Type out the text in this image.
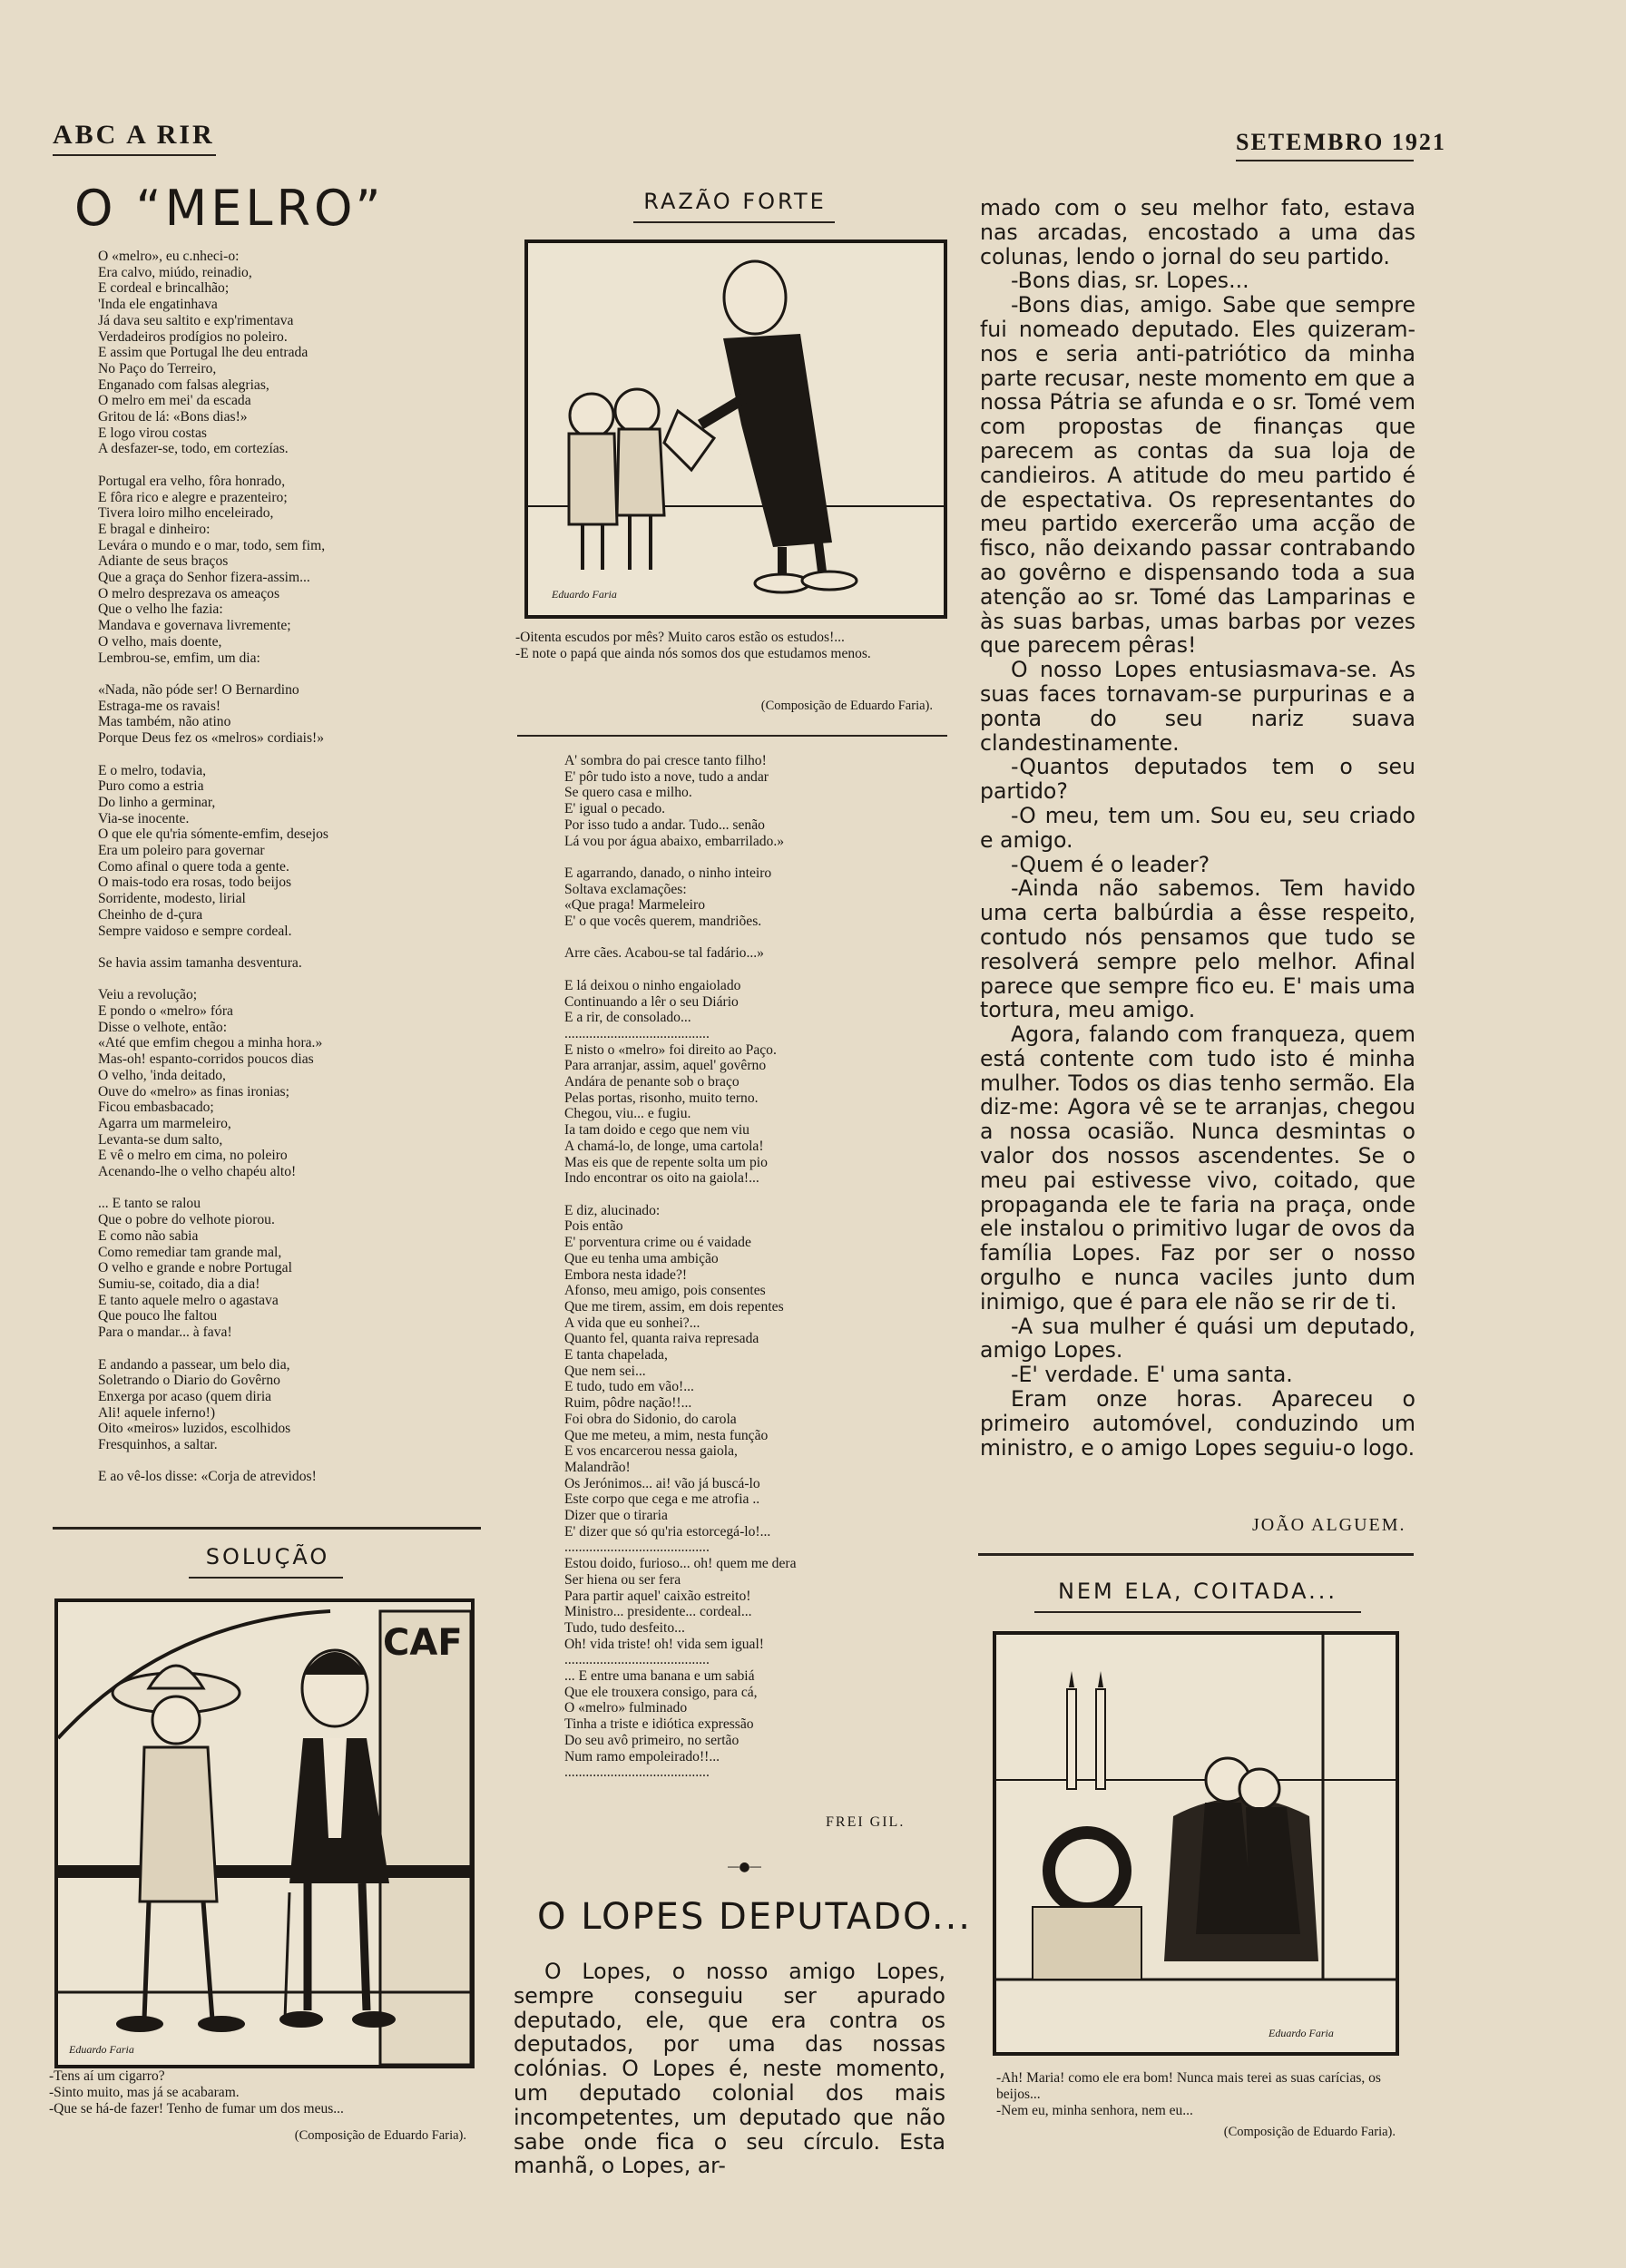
ABC A RIR	SETEMBRO 1921
O “MELRO”
O «melro», eu c.nheci-o:
Era calvo, miúdo, reinadio,
E cordeal e brincalhão;
'Inda ele engatinhava
Já dava seu saltito e exp'rimentava
Verdadeiros prodígios no poleiro.
E assim que Portugal lhe deu entrada
No Paço do Terreiro,
Enganado com falsas alegrias,
O melro em mei' da escada
Gritou de lá: «Bons dias!»
E logo virou costas
A desfazer-se, todo, em cortezías.

Portugal era velho, fôra honrado,
E fôra rico e alegre e prazenteiro;
Tivera loiro milho enceleirado,
E bragal e dinheiro:
Levára o mundo e o mar, todo, sem fim,
Adiante de seus braços
Que a graça do Senhor fizera-assim...
O melro desprezava os ameaços
Que o velho lhe fazia:
Mandava e governava livremente;
O velho, mais doente,
Lembrou-se, emfim, um dia:

«Nada, não póde ser! O Bernardino
Estraga-me os ravais!
Mas também, não atino
Porque Deus fez os «melros» cordiais!»

E o melro, todavia,
Puro como a estria
Do linho a germinar,
Via-se inocente.
O que ele qu'ria sómente-emfim, desejos
Era um poleiro para governar
Como afinal o quere toda a gente.
O mais-todo era rosas, todo beijos
Sorridente, modesto, lirial
Cheinho de d-çura
Sempre vaidoso e sempre cordeal.

Se havia assim tamanha desventura.

Veiu a revolução;
E pondo o «melro» fóra
Disse o velhote, então:
«Até que emfim chegou a minha hora.»
Mas-oh! espanto-corridos poucos dias
O velho, 'inda deitado,
Ouve do «melro» as finas ironias;
Ficou embasbacado;
Agarra um marmeleiro,
Levanta-se dum salto,
E vê o melro em cima, no poleiro
Acenando-lhe o velho chapéu alto!

... E tanto se ralou
Que o pobre do velhote piorou.
E como não sabia
Como remediar tam grande mal,
O velho e grande e nobre Portugal
Sumiu-se, coitado, dia a dia!
E tanto aquele melro o agastava
Que pouco lhe faltou
Para o mandar... à fava!

E andando a passear, um belo dia,
Soletrando o Diario do Govêrno
Enxerga por acaso (quem diria
Ali! aquele inferno!)
Oito «meiros» luzidos, escolhidos
Fresquinhos, a saltar.

E ao vê-los disse: «Corja de atrevidos!
SOLUÇÃO
CAF
Eduardo Faria
-Tens aí um cigarro?
-Sinto muito, mas já se acabaram.
-Que se há-de fazer! Tenho de fumar um dos meus...
(Composição de Eduardo Faria).
RAZÃO FORTE
Eduardo Faria
-Oitenta escudos por mês? Muito caros estão os estudos!...
-E note o papá que ainda nós somos dos que estudamos menos.
(Composição de Eduardo Faria).
A' sombra do pai cresce tanto filho!
E' pôr tudo isto a nove, tudo a andar
Se quero casa e milho.
E' igual o pecado.
Por isso tudo a andar. Tudo... senão
Lá vou por água abaixo, embarrilado.»

E agarrando, danado, o ninho inteiro
Soltava exclamações:
«Que praga! Marmeleiro
E' o que vocês querem, mandriões.

Arre cães. Acabou-se tal fadário...»

E lá deixou o ninho engaiolado
Continuando a lêr o seu Diário
E a rir, de consolado...
.........................................
E nisto o «melro» foi direito ao Paço.
Para arranjar, assim, aquel' govêrno
Andára de penante sob o braço
Pelas portas, risonho, muito terno.
Chegou, viu... e fugiu.
Ia tam doido e cego que nem viu
A chamá-lo, de longe, uma cartola!
Mas eis que de repente solta um pio
Indo encontrar os oito na gaiola!...

E diz, alucinado:
Pois então
E' porventura crime ou é vaidade
Que eu tenha uma ambição
Embora nesta idade?!
Afonso, meu amigo, pois consentes
Que me tirem, assim, em dois repentes
A vida que eu sonhei?...
Quanto fel, quanta raiva represada
E tanta chapelada,
Que nem sei...
E tudo, tudo em vão!...
Ruim, pôdre nação!!...
Foi obra do Sidonio, do carola
Que me meteu, a mim, nesta função
E vos encarcerou nessa gaiola,
Malandrão!
Os Jerónimos... ai! vão já buscá-lo
Este corpo que cega e me atrofia ..
Dizer que o tiraria
E' dizer que só qu'ria estorcegá-lo!...
.........................................
Estou doido, furioso... oh! quem me dera
Ser hiena ou ser fera
Para partir aquel' caixão estreito!
Ministro... presidente... cordeal...
Tudo, tudo desfeito...
Oh! vida triste! oh! vida sem igual!
.........................................
... E entre uma banana e um sabiá
Que ele trouxera consigo, para cá,
O «melro» fulminado
Tinha a triste e idiótica expressão
Do seu avô primeiro, no sertão
Num ramo empoleirado!!...
.........................................
FREI GIL.
—●—
O LOPES DEPUTADO...

O Lopes, o nosso amigo Lopes, sempre conseguiu ser apurado deputado, ele, que era contra os deputados, por uma das nossas colónias. O Lopes é, neste momento, um deputado colonial dos mais incompetentes, um deputado que não sabe onde fica o seu círculo. Esta manhã, o Lopes, ar-

mado com o seu melhor fato, estava nas arcadas, encostado a uma das colunas, lendo o jornal do seu partido.

-Bons dias, sr. Lopes...

-Bons dias, amigo. Sabe que sempre fui nomeado deputado. Eles quizeram-nos e seria anti-patriótico da minha parte recusar, neste momento em que a nossa Pátria se afunda e o sr. Tomé vem com propostas de finanças que parecem as contas da sua loja de candieiros. A atitude do meu partido é de espectativa. Os representantes do meu partido exercerão uma acção de fisco, não deixando passar contrabando ao govêrno e dispensando toda a sua atenção ao sr. Tomé das Lamparinas e às suas barbas, umas barbas por vezes que parecem pêras!

O nosso Lopes entusiasmava-se. As suas faces tornavam-se purpurinas e a ponta do seu nariz suava clandestinamente.

-Quantos deputados tem o seu partido?

-O meu, tem um. Sou eu, seu criado e amigo.

-Quem é o leader?

-Ainda não sabemos. Tem havido uma certa balbúrdia a êsse respeito, contudo nós pensamos que tudo se resolverá sempre pelo melhor. Afinal parece que sempre fico eu. E' mais uma tortura, meu amigo.

Agora, falando com franqueza, quem está contente com tudo isto é minha mulher. Todos os dias tenho sermão. Ela diz-me: Agora vê se te arranjas, chegou a nossa ocasião. Nunca desmintas o valor dos nossos ascendentes. Se o meu pai estivesse vivo, coitado, que propaganda ele te faria na praça, onde ele instalou o primitivo lugar de ovos da família Lopes. Faz por ser o nosso orgulho e nunca vaciles junto dum inimigo, que é para ele não se rir de ti.

-A sua mulher é quási um deputado, amigo Lopes.

-E' verdade. E' uma santa.

Eram onze horas. Apareceu o primeiro automóvel, conduzindo um ministro, e o amigo Lopes seguiu-o logo.

JOÃO ALGUEM.
NEM ELA, COITADA...
Eduardo Faria
-Ah! Maria! como ele era bom! Nunca mais terei as suas carícias, os beijos...
-Nem eu, minha senhora, nem eu...
(Composição de Eduardo Faria).
